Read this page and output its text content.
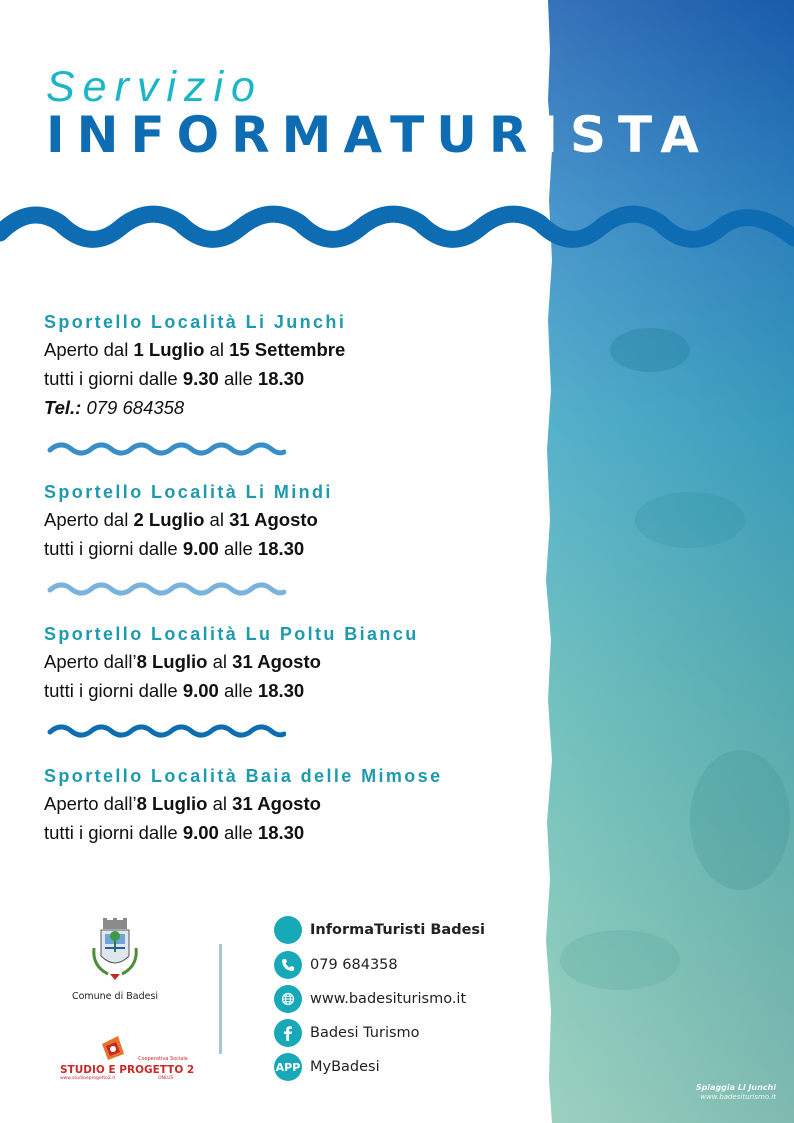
Servizio
INFORMATURISTA
Sportello Località Li Junchi
Aperto dal 1 Luglio al 15 Settembre
tutti i giorni dalle 9.30 alle 18.30
Tel.: 079 684358
Sportello Località Li Mindi
Aperto dal 2 Luglio al 31 Agosto
tutti i giorni dalle 9.00 alle 18.30
Sportello Località Lu Poltu Biancu
Aperto dall’8 Luglio al 31 Agosto
tutti i giorni dalle 9.00 alle 18.30
Sportello Località Baia delle Mimose
Aperto dall’8 Luglio al 31 Agosto
tutti i giorni dalle 9.00 alle 18.30
Comune di Badesi
Cooperativa Sociale
STUDIO E PROGETTO 2
www.studioeprogetto2.it	ONLUS
InformaTuristi Badesi
079 684358
www.badesiturismo.it
Badesi Turismo
APP MyBadesi
Spiaggia Li Junchi
www.badesiturismo.it
